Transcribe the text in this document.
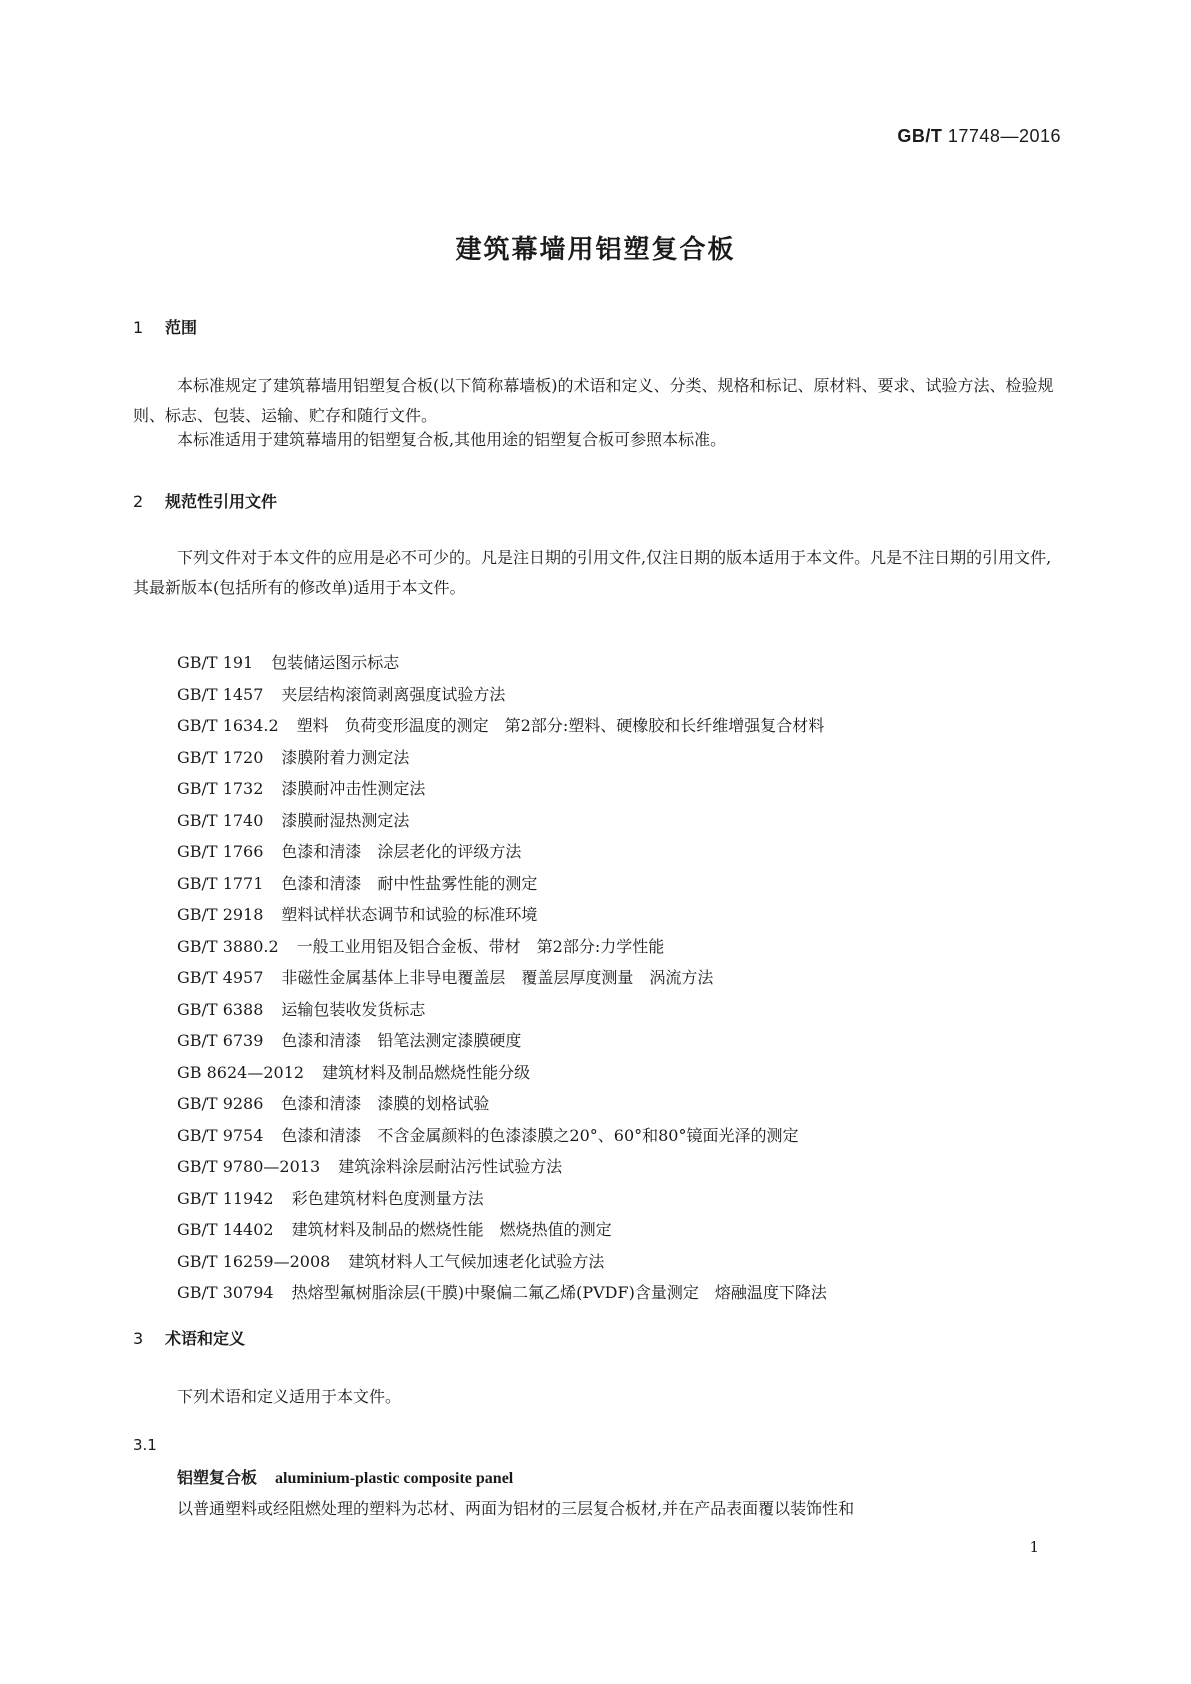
GB/T 17748—2016
建筑幕墙用铝塑复合板
1 范围

本标准规定了建筑幕墙用铝塑复合板(以下简称幕墙板)的术语和定义、分类、规格和标记、原材料、要求、试验方法、检验规则、标志、包装、运输、贮存和随行文件。

本标准适用于建筑幕墙用的铝塑复合板,其他用途的铝塑复合板可参照本标准。

2 规范性引用文件

下列文件对于本文件的应用是必不可少的。凡是注日期的引用文件,仅注日期的版本适用于本文件。凡是不注日期的引用文件,其最新版本(包括所有的修改单)适用于本文件。

GB/T 191 包装储运图示标志
GB/T 1457 夹层结构滚筒剥离强度试验方法
GB/T 1634.2 塑料　负荷变形温度的测定　第2部分:塑料、硬橡胶和长纤维增强复合材料
GB/T 1720 漆膜附着力测定法
GB/T 1732 漆膜耐冲击性测定法
GB/T 1740 漆膜耐湿热测定法
GB/T 1766 色漆和清漆　涂层老化的评级方法
GB/T 1771 色漆和清漆　耐中性盐雾性能的测定
GB/T 2918 塑料试样状态调节和试验的标准环境
GB/T 3880.2 一般工业用铝及铝合金板、带材　第2部分:力学性能
GB/T 4957 非磁性金属基体上非导电覆盖层　覆盖层厚度测量　涡流方法
GB/T 6388 运输包装收发货标志
GB/T 6739 色漆和清漆　铅笔法测定漆膜硬度
GB 8624—2012 建筑材料及制品燃烧性能分级
GB/T 9286 色漆和清漆　漆膜的划格试验
GB/T 9754 色漆和清漆　不含金属颜料的色漆漆膜之20°、60°和80°镜面光泽的测定
GB/T 9780—2013 建筑涂料涂层耐沾污性试验方法
GB/T 11942 彩色建筑材料色度测量方法
GB/T 14402 建筑材料及制品的燃烧性能　燃烧热值的测定
GB/T 16259—2008 建筑材料人工气候加速老化试验方法
GB/T 30794 热熔型氟树脂涂层(干膜)中聚偏二氟乙烯(PVDF)含量测定　熔融温度下降法
3 术语和定义

下列术语和定义适用于本文件。

3.1
铝塑复合板 aluminium-plastic composite panel

以普通塑料或经阻燃处理的塑料为芯材、两面为铝材的三层复合板材,并在产品表面覆以装饰性和

1
